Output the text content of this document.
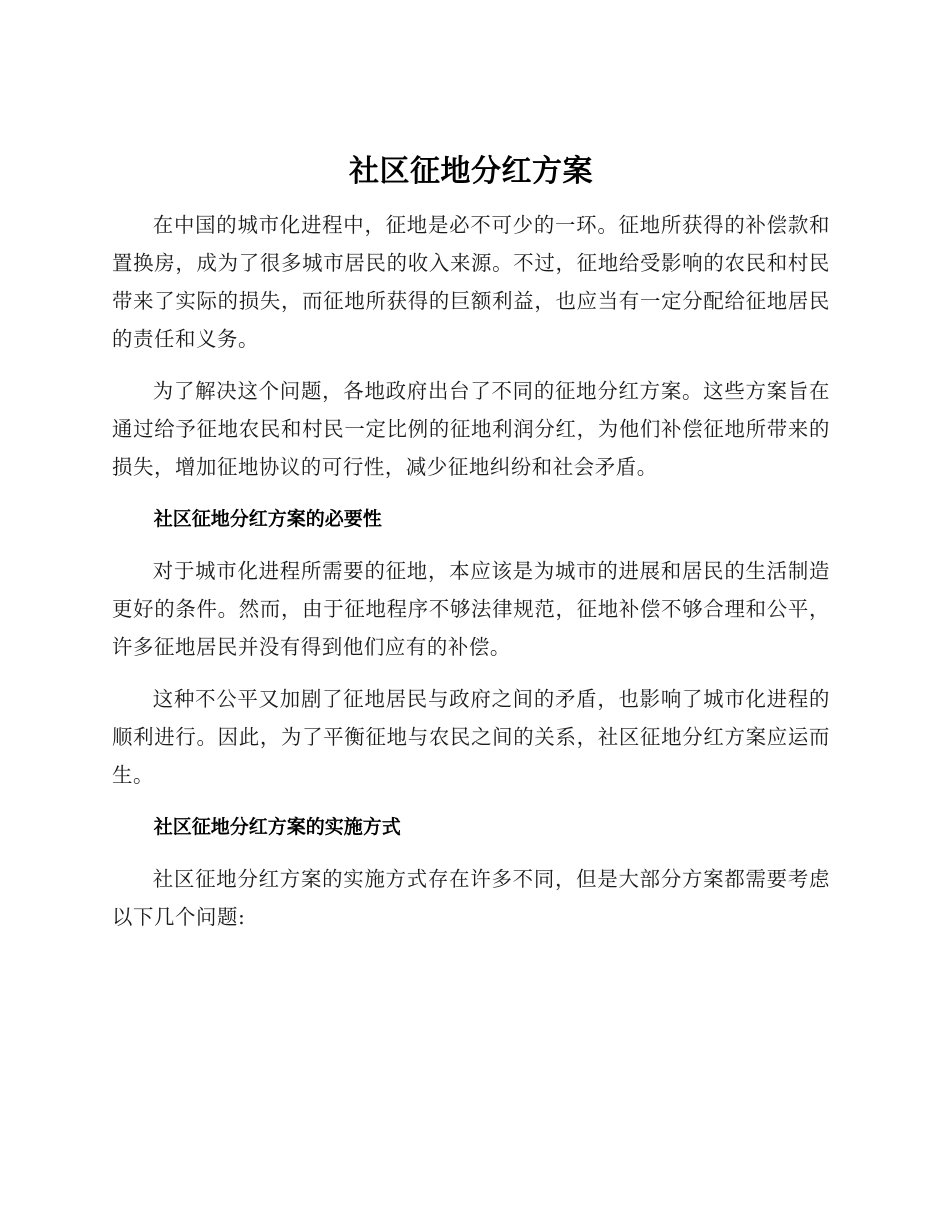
社区征地分红方案

在中国的城市化进程中，征地是必不可少的一环。征地所获得的补偿款和置换房，成为了很多城市居民的收入来源。不过，征地给受影响的农民和村民带来了实际的损失，而征地所获得的巨额利益，也应当有一定分配给征地居民的责任和义务。

为了解决这个问题，各地政府出台了不同的征地分红方案。这些方案旨在通过给予征地农民和村民一定比例的征地利润分红，为他们补偿征地所带来的损失，增加征地协议的可行性，减少征地纠纷和社会矛盾。

社区征地分红方案的必要性

对于城市化进程所需要的征地，本应该是为城市的进展和居民的生活制造更好的条件。然而，由于征地程序不够法律规范，征地补偿不够合理和公平，许多征地居民并没有得到他们应有的补偿。

这种不公平又加剧了征地居民与政府之间的矛盾，也影响了城市化进程的顺利进行。因此，为了平衡征地与农民之间的关系，社区征地分红方案应运而生。

社区征地分红方案的实施方式

社区征地分红方案的实施方式存在许多不同，但是大部分方案都需要考虑以下几个问题:
